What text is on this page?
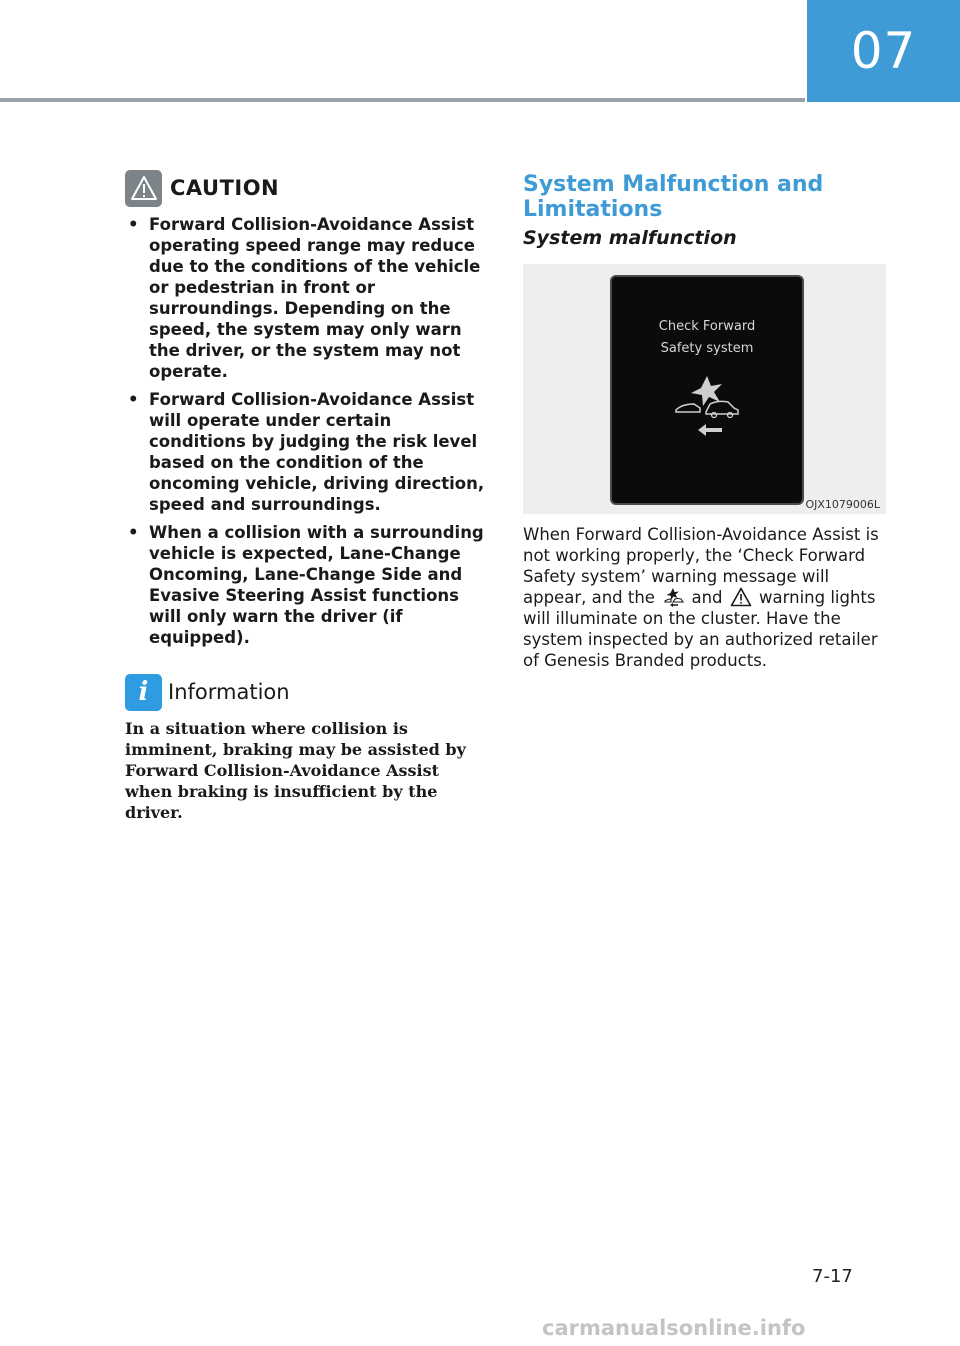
07
CAUTION
• Forward Collision-Avoidance Assist operating speed range may reduce due to the conditions of the vehicle or pedestrian in front or surroundings. Depending on the speed, the system may only warn the driver, or the system may not operate.
• Forward Collision-Avoidance Assist will operate under certain conditions by judging the risk level based on the condition of the oncoming vehicle, driving direction, speed and surroundings.
• When a collision with a surrounding vehicle is expected, Lane-Change Oncoming, Lane-Change Side and Evasive Steering Assist functions will only warn the driver (if equipped).
i Information
In a situation where collision is imminent, braking may be assisted by Forward Collision-Avoidance Assist when braking is insufficient by the driver.
System Malfunction and Limitations
System malfunction
Check Forward
Safety system
OJX1079006L
When Forward Collision-Avoidance Assist is not working properly, the ‘Check Forward Safety system’ warning message will appear, and the and warning lights will illuminate on the cluster. Have the system inspected by an authorized retailer of Genesis Branded products.
7-17
carmanualsonline.info
